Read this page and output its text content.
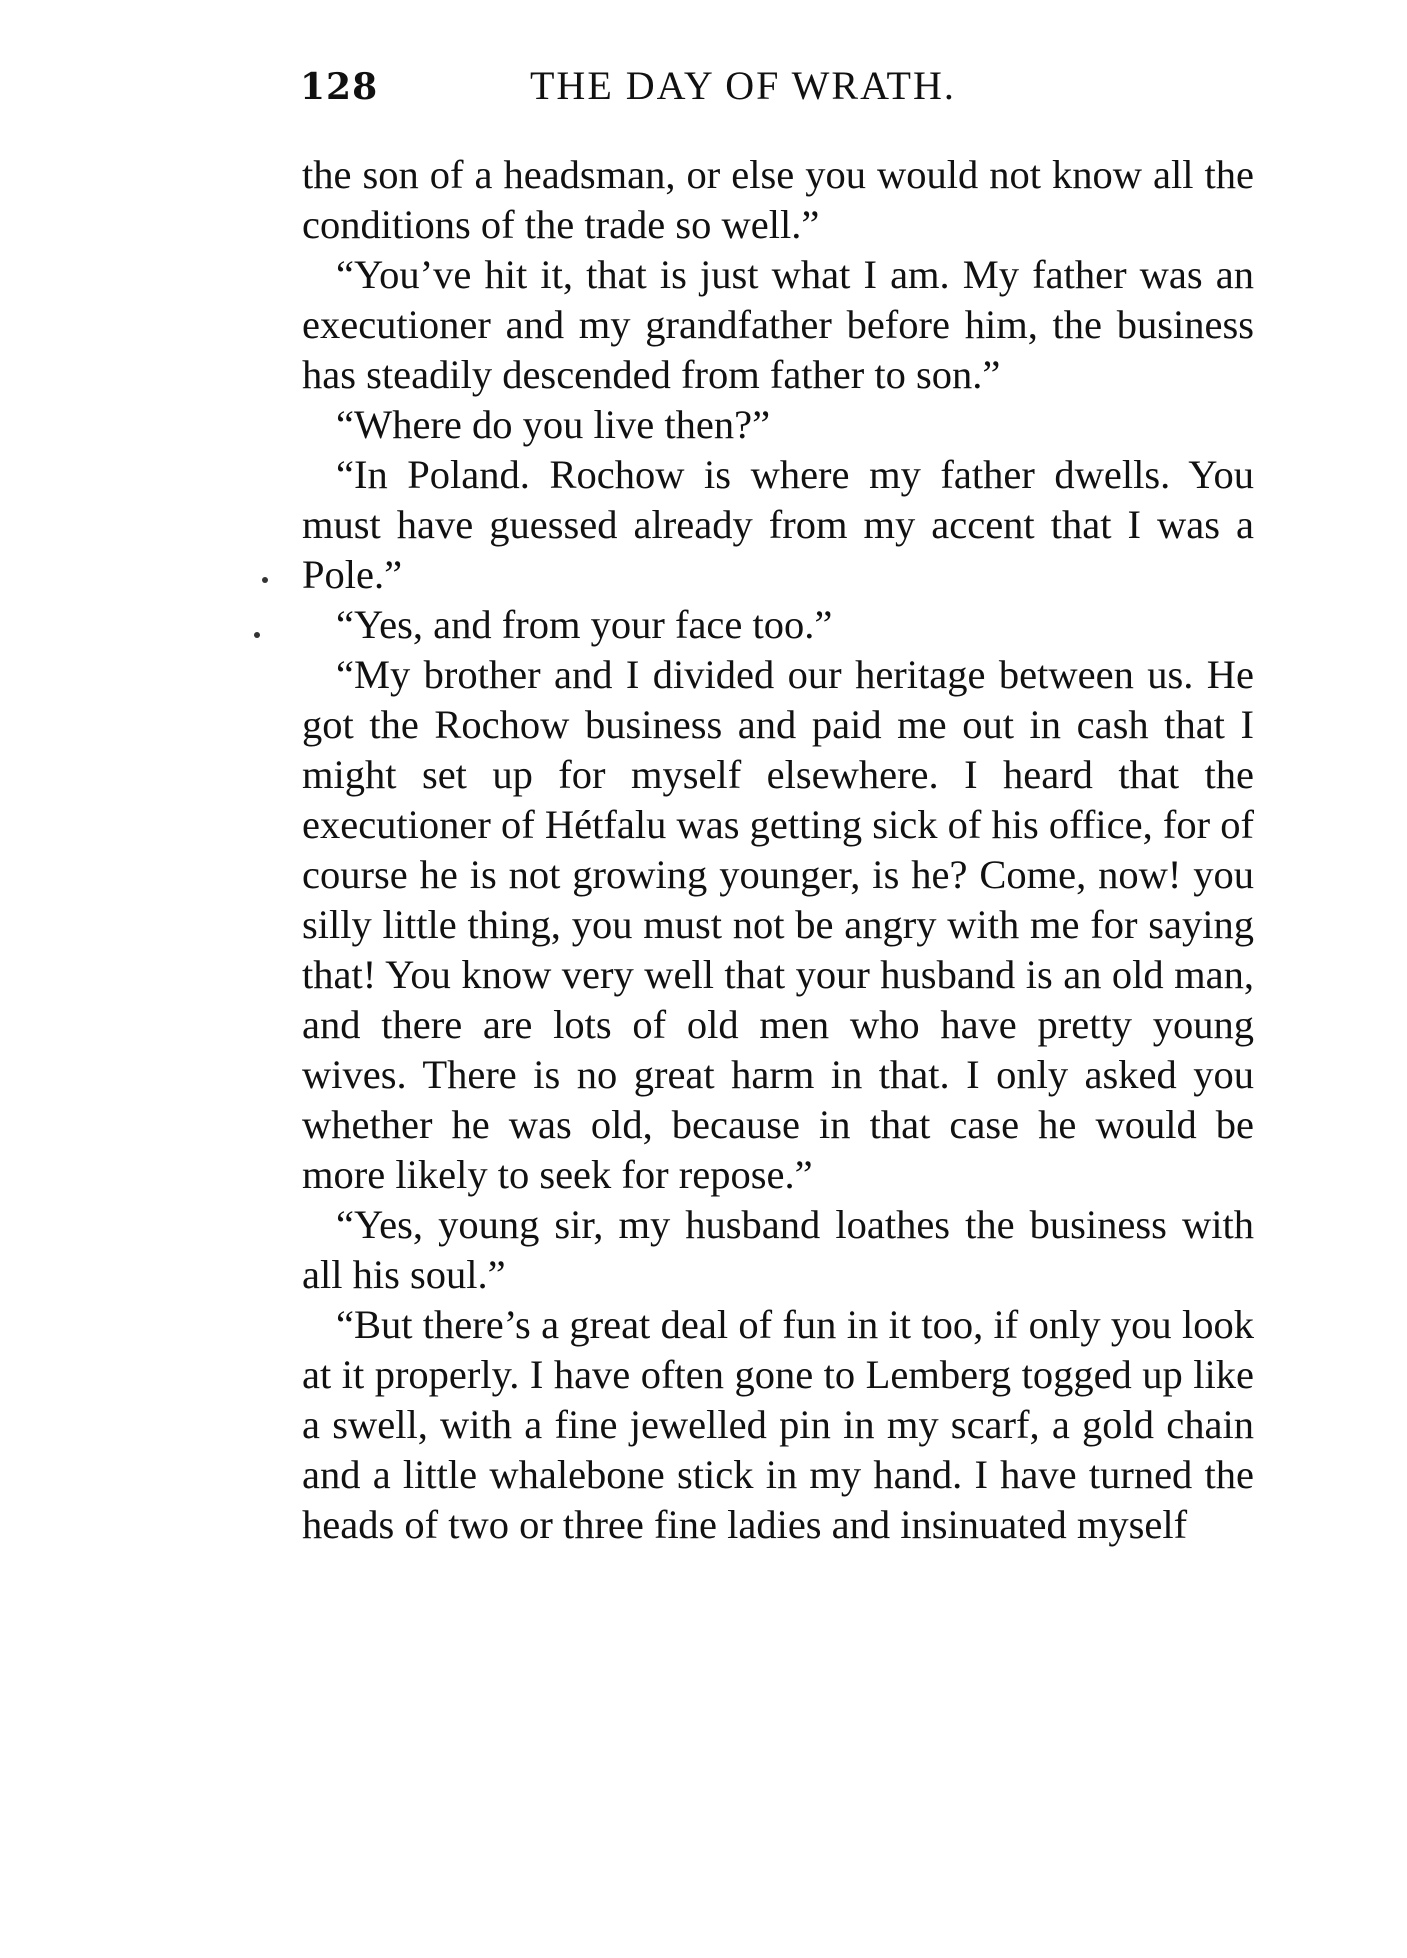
128	THE DAY OF WRATH.

the son of a headsman, or else you would not know all the conditions of the trade so well.”

“You’ve hit it, that is just what I am. My father was an executioner and my grandfather before him, the business has steadily descended from father to son.”

“Where do you live then?”

“In Poland. Rochow is where my father dwells. You must have guessed already from my accent that I was a Pole.”

“Yes, and from your face too.”

“My brother and I divided our heritage between us. He got the Rochow business and paid me out in cash that I might set up for myself elsewhere. I heard that the executioner of Hétfalu was getting sick of his office, for of course he is not growing younger, is he? Come, now! you silly little thing, you must not be angry with me for saying that! You know very well that your husband is an old man, and there are lots of old men who have pretty young wives. There is no great harm in that. I only asked you whether he was old, because in that case he would be more likely to seek for repose.”

“Yes, young sir, my husband loathes the business with all his soul.”

“But there’s a great deal of fun in it too, if only you look at it properly. I have often gone to Lemberg togged up like a swell, with a fine jewelled pin in my scarf, a gold chain and a little whalebone stick in my hand. I have turned the heads of two or three fine ladies and insinuated myself
